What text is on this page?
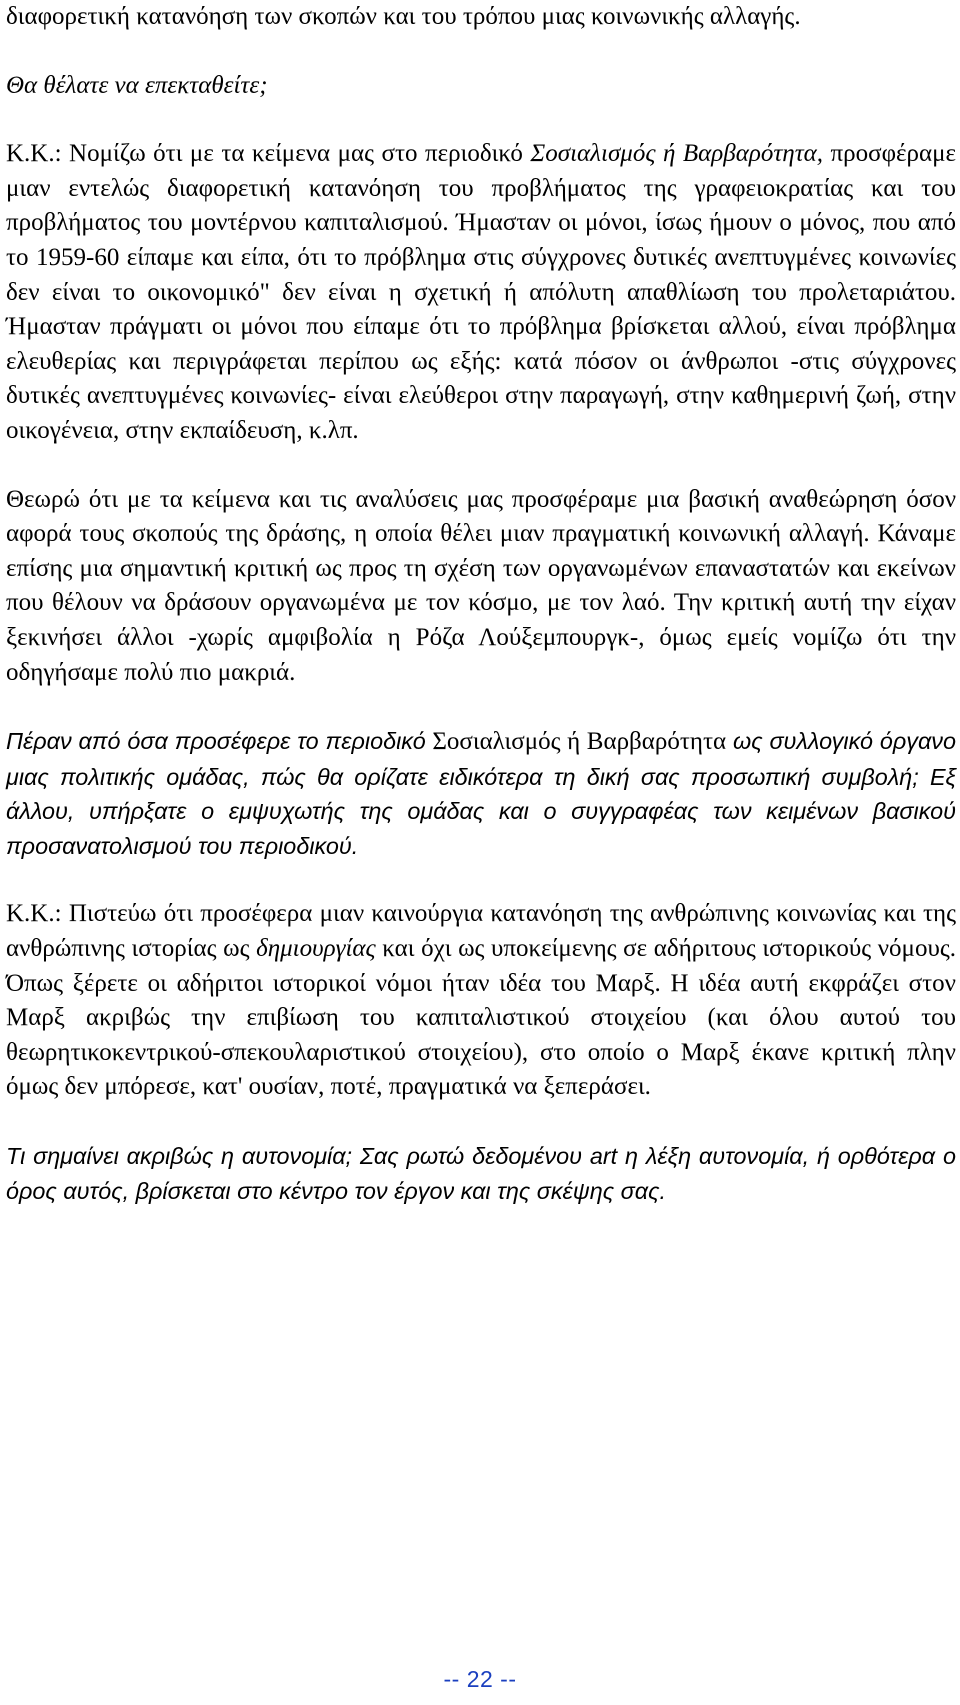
διαφορετική κατανόηση των σκοπών και του τρόπου μιας κοινωνικής αλλαγής.

Θα θέλατε να επεκταθείτε;

Κ.Κ.: Νομίζω ότι με τα κείμενα μας στο περιοδικό Σοσιαλισμός ή Βαρβαρότητα, προσφέραμε μιαν εντελώς διαφορετική κατανόηση του προβλήματος της γραφειοκρατίας και του προβλήματος του μοντέρνου καπιταλισμού. Ήμασταν οι μόνοι, ίσως ήμουν ο μόνος, που από το 1959-60 είπαμε και είπα, ότι το πρόβλημα στις σύγχρονες δυτικές ανεπτυγμένες κοινωνίες δεν είναι το οικονομικό" δεν είναι η σχετική ή απόλυτη απαθλίωση του προλεταριάτου. Ήμασταν πράγματι οι μόνοι που είπαμε ότι το πρόβλημα βρίσκεται αλλού, είναι πρόβλημα ελευθερίας και περιγράφεται περίπου ως εξής: κατά πόσον οι άνθρωποι -στις σύγχρονες δυτικές ανεπτυγμένες κοινωνίες- είναι ελεύθεροι στην παραγωγή, στην καθημερινή ζωή, στην οικογένεια, στην εκπαίδευση, κ.λπ.

Θεωρώ ότι με τα κείμενα και τις αναλύσεις μας προσφέραμε μια βασική αναθεώρηση όσον αφορά τους σκοπούς της δράσης, η οποία θέλει μιαν πραγματική κοινωνική αλλαγή. Κάναμε επίσης μια σημαντική κριτική ως προς τη σχέση των οργανωμένων επαναστατών και εκείνων που θέλουν να δράσουν οργανωμένα με τον κόσμο, με τον λαό. Την κριτική αυτή την είχαν ξεκινήσει άλλοι -χωρίς αμφιβολία η Ρόζα Λούξεμπουργκ-, όμως εμείς νομίζω ότι την οδηγήσαμε πολύ πιο μακριά.

Πέραν από όσα προσέφερε το περιοδικό Σοσιαλισμός ή Βαρβαρότητα ως συλλογικό όργανο μιας πολιτικής ομάδας, πώς θα ορίζατε ειδικότερα τη δική σας προσωπική συμβολή; Εξ άλλου, υπήρξατε ο εμψυχωτής της ομάδας και ο συγγραφέας των κειμένων βασικού προσανατολισμού του περιοδικού.

Κ.Κ.: Πιστεύω ότι προσέφερα μιαν καινούργια κατανόηση της ανθρώπινης κοινωνίας και της ανθρώπινης ιστορίας ως δημιουργίας και όχι ως υποκείμενης σε αδήριτους ιστορικούς νόμους. Όπως ξέρετε οι αδήριτοι ιστορικοί νόμοι ήταν ιδέα του Μαρξ. Η ιδέα αυτή εκφράζει στον Μαρξ ακριβώς την επιβίωση του καπιταλιστικού στοιχείου (και όλου αυτού του θεωρητικοκεντρικού-σπεκουλαριστικού στοιχείου), στο οποίο ο Μαρξ έκανε κριτική πλην όμως δεν μπόρεσε, κατ' ουσίαν, ποτέ, πραγματικά να ξεπεράσει.

Τι σημαίνει ακριβώς η αυτονομία; Σας ρωτώ δεδομένου art η λέξη αυτονομία, ή ορθότερα ο όρος αυτός, βρίσκεται στο κέντρο τον έργον και της σκέψης σας.

-- 22 --
